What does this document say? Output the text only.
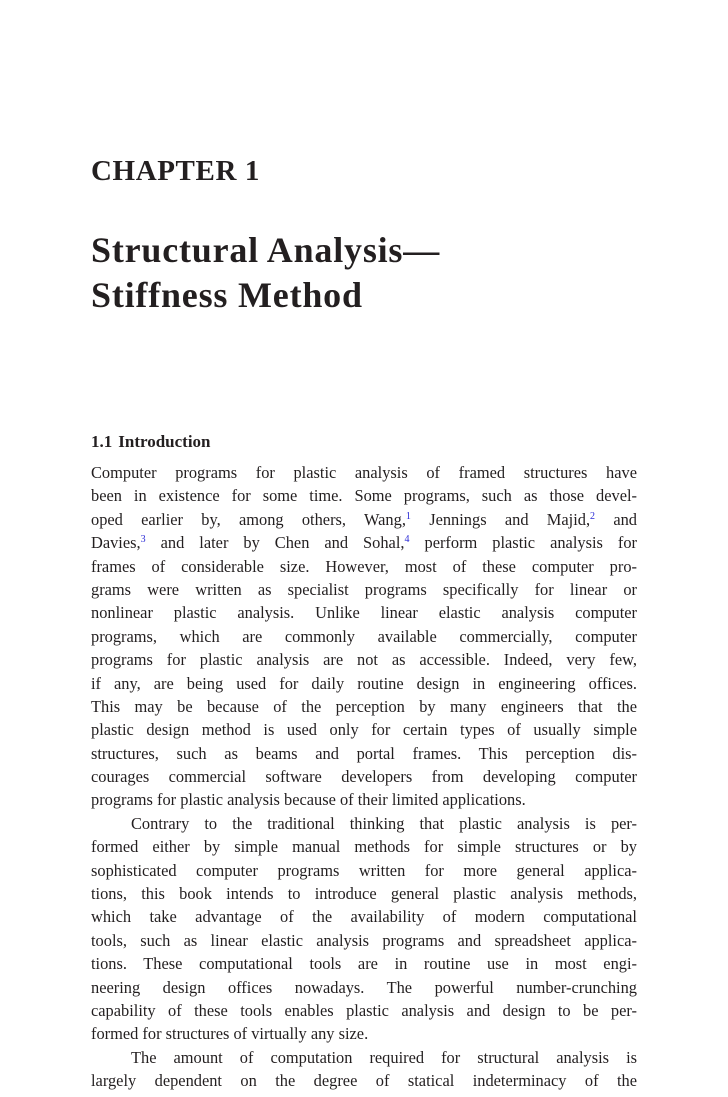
CHAPTER 1
Structural Analysis—
Stiffness Method
1.1 Introduction
Computer programs for plastic analysis of framed structures have
been in existence for some time. Some programs, such as those devel-
oped earlier by, among others, Wang,$^1$ Jennings and Majid,$^2$ and
Davies,$^3$ and later by Chen and Sohal,$^4$ perform plastic analysis for
frames of considerable size. However, most of these computer pro-
grams were written as specialist programs specifically for linear or
nonlinear plastic analysis. Unlike linear elastic analysis computer
programs, which are commonly available commercially, computer
programs for plastic analysis are not as accessible. Indeed, very few,
if any, are being used for daily routine design in engineering offices.
This may be because of the perception by many engineers that the
plastic design method is used only for certain types of usually simple
structures, such as beams and portal frames. This perception dis-
courages commercial software developers from developing computer
programs for plastic analysis because of their limited applications.
Contrary to the traditional thinking that plastic analysis is per-
formed either by simple manual methods for simple structures or by
sophisticated computer programs written for more general applica-
tions, this book intends to introduce general plastic analysis methods,
which take advantage of the availability of modern computational
tools, such as linear elastic analysis programs and spreadsheet applica-
tions. These computational tools are in routine use in most engi-
neering design offices nowadays. The powerful number-crunching
capability of these tools enables plastic analysis and design to be per-
formed for structures of virtually any size.
The amount of computation required for structural analysis is
largely dependent on the degree of statical indeterminacy of the
